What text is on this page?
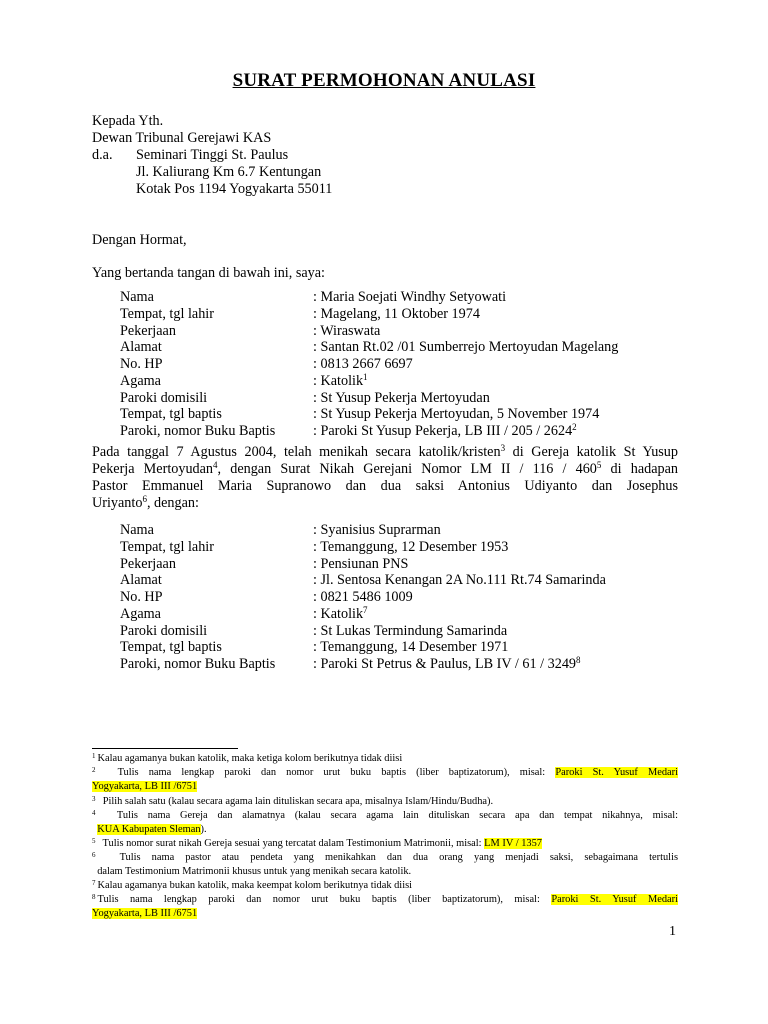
SURAT PERMOHONAN ANULASI
Kepada Yth.
Dewan Tribunal Gerejawi KAS
d.a. Seminari Tinggi St. Paulus
Jl. Kaliurang Km 6.7 Kentungan
Kotak Pos 1194 Yogyakarta 55011
Dengan Hormat,
Yang bertanda tangan di bawah ini, saya:
Nama	: Maria Soejati Windhy Setyowati
Tempat, tgl lahir	: Magelang, 11 Oktober 1974
Pekerjaan	: Wiraswata
Alamat	: Santan Rt.02 /01 Sumberrejo Mertoyudan Magelang
No. HP	: 0813 2667 6697
Agama	: Katolik$^1$
Paroki domisili	: St Yusup Pekerja Mertoyudan
Tempat, tgl baptis	: St Yusup Pekerja Mertoyudan, 5 November 1974
Paroki, nomor Buku Baptis	: Paroki St Yusup Pekerja, LB III / 205 / 2624$^2$
Pada tanggal 7 Agustus 2004, telah menikah secara katolik/kristen$^3$ di Gereja katolik St Yusup
Pekerja Mertoyudan$^4$, dengan Surat Nikah Gerejani Nomor LM II / $116 / 460^5$ di hadapan
Pastor Emmanuel Maria Supranowo dan dua saksi Antonius Udiyanto dan Josephus
Uriyanto$^6$, dengan:
Nama	: Syanisius Suprarman
Tempat, tgl lahir	: Temanggung, 12 Desember 1953
Pekerjaan	: Pensiunan PNS
Alamat	: Jl. Sentosa Kenangan 2A No.111 Rt.74 Samarinda
No. HP	: 0821 5486 1009
Agama	: Katolik$^7$
Paroki domisili	: St Lukas Termindung Samarinda
Tempat, tgl baptis	: Temanggung, 14 Desember 1971
Paroki, nomor Buku Baptis	: Paroki St Petrus & Paulus, LB IV / 61 / 3249$^8$
$^1$ Kalau agamanya bukan katolik, maka ketiga kolom berikutnya tidak diisi
$^2$ Tulis nama lengkap paroki dan nomor urut buku baptis (liber baptizatorum), misal: Paroki St. Yusuf Medari
Yogyakarta, LB III /6751
$^3$ Pilih salah satu (kalau secara agama lain dituliskan secara apa, misalnya Islam/Hindu/Budha).
$^4$ Tulis nama Gereja dan alamatnya (kalau secara agama lain dituliskan secara apa dan tempat nikahnya, misal:
KUA Kabupaten Sleman).
$^5$ Tulis nomor surat nikah Gereja sesuai yang tercatat dalam Testimonium Matrimonii, misal: LM IV / 1357
$^6$ Tulis nama pastor atau pendeta yang menikahkan dan dua orang yang menjadi saksi, sebagaimana tertulis
dalam Testimonium Matrimonii khusus untuk yang menikah secara katolik.
$^7$ Kalau agamanya bukan katolik, maka keempat kolom berikutnya tidak diisi
$^8$ Tulis nama lengkap paroki dan nomor urut buku baptis (liber baptizatorum), misal: Paroki St. Yusuf Medari
Yogyakarta, LB III /6751
1
